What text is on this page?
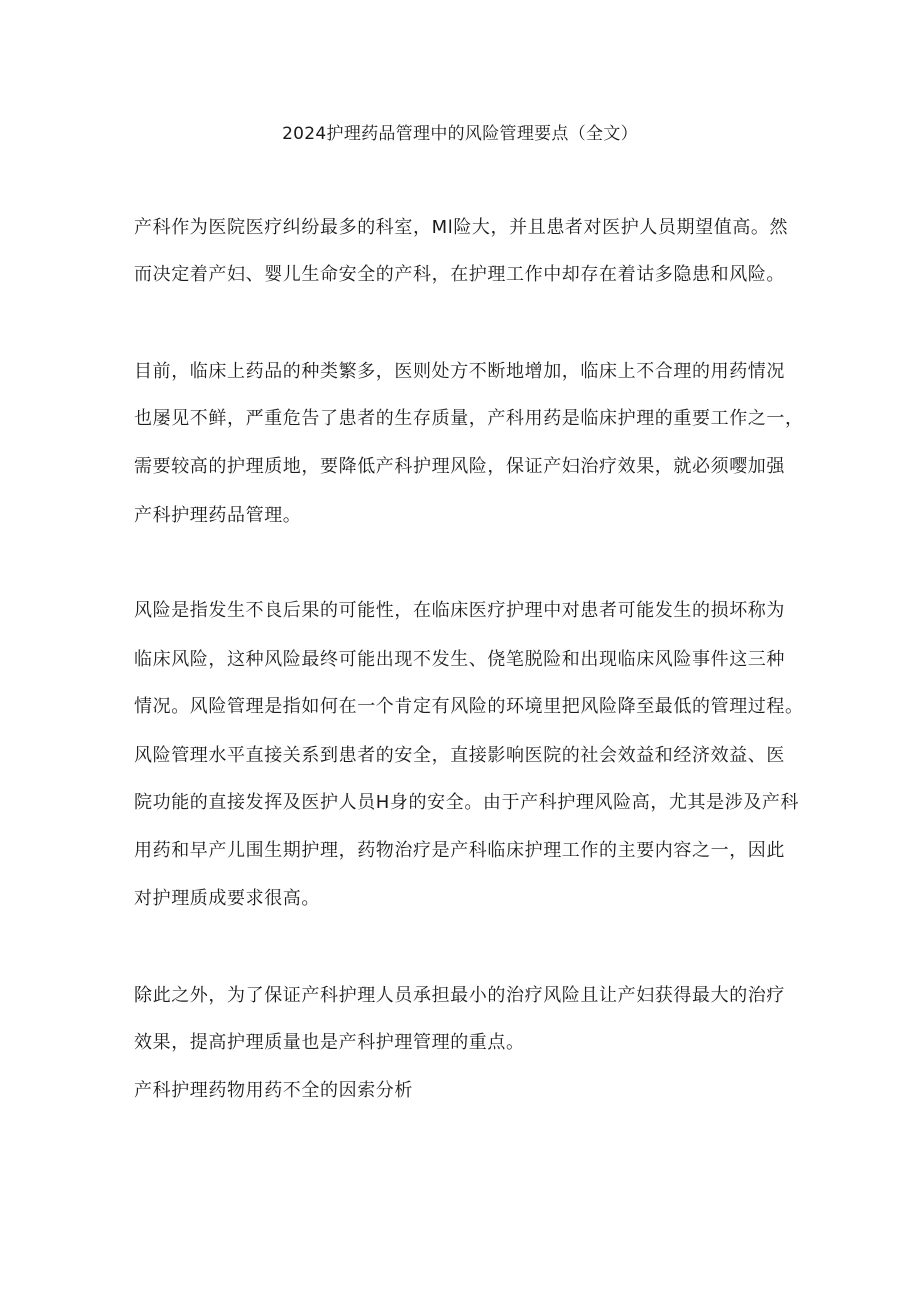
2024护理药品管理中的风险管理要点（全文）
产科作为医院医疗纠纷最多的科室，Ml险大，并且患者对医护人员期望值高。然
而决定着产妇、婴儿生命安全的产科，在护理工作中却存在着诂多隐患和风险。
目前，临床上药品的种类繁多，医则处方不断地增加，临床上不合理的用药情况
也屡见不鲜，严重危告了患者的生存质量，产科用药是临床护理的重要工作之一，
需要较高的护理质地，要降低产科护理风险，保证产妇治疗效果，就必须嘤加强
产科护理药品管理。
风险是指发生不良后果的可能性，在临床医疗护理中对患者可能发生的损坏称为
临床风险，这种风险最终可能出现不发生、侥笔脱险和出现临床风险事件这三种
情况。风险管理是指如何在一个肯定有风险的环境里把风险降至最低的管理过程。
风险管理水平直接关系到患者的安全，直接影响医院的社会效益和经济效益、医
院功能的直接发挥及医护人员H身的安全。由于产科护理风险高，尤其是涉及产科
用药和早产儿围生期护理，药物治疗是产科临床护理工作的主要内容之一，因此
对护理质成要求很高。
除此之外，为了保证产科护理人员承担最小的治疗风险且让产妇获得最大的治疗
效果，提高护理质量也是产科护理管理的重点。
产科护理药物用药不全的因索分析
